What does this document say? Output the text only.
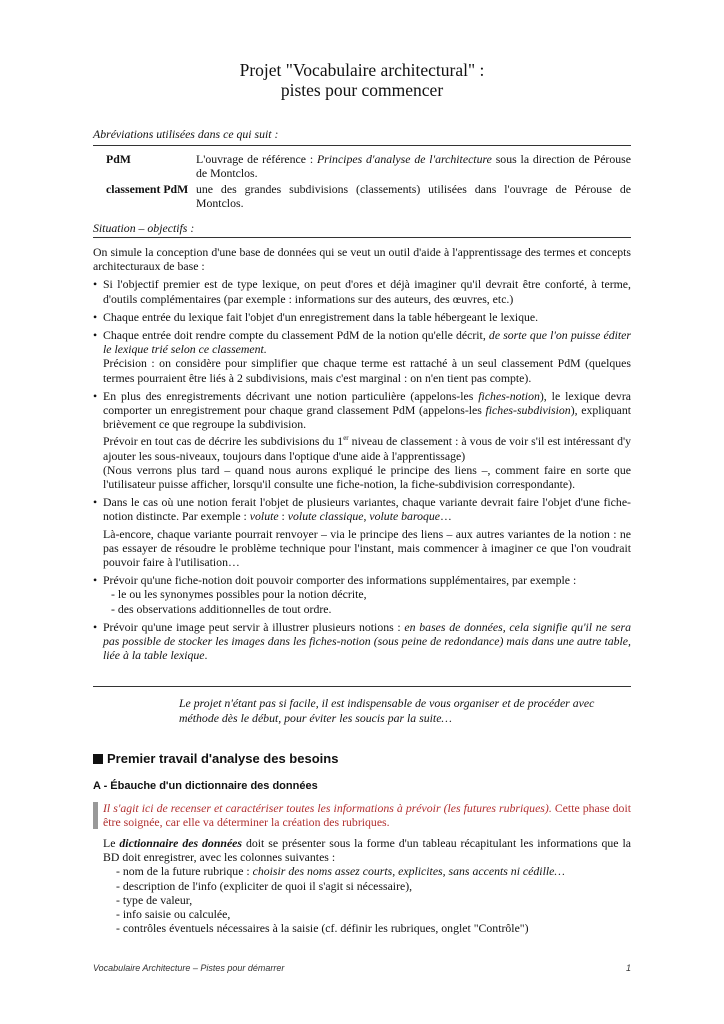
Projet "Vocabulaire architectural" :
pistes pour commencer
Abréviations utilisées dans ce qui suit :
PdM	L'ouvrage de référence : Principes d'analyse de l'architecture sous la direction de Pérouse de Montclos.
classement PdM une des grandes subdivisions (classements) utilisées dans l'ouvrage de Pérouse de Montclos.
Situation – objectifs :
On simule la conception d'une base de données qui se veut un outil d'aide à l'apprentissage des termes et concepts architecturaux de base :
• Si l'objectif premier est de type lexique, on peut d'ores et déjà imaginer qu'il devrait être conforté, à terme, d'outils complémentaires (par exemple : informations sur des auteurs, des œuvres, etc.)
• Chaque entrée du lexique fait l'objet d'un enregistrement dans la table hébergeant le lexique.
• Chaque entrée doit rendre compte du classement PdM de la notion qu'elle décrit, de sorte que l'on puisse éditer le lexique trié selon ce classement.
Précision : on considère pour simplifier que chaque terme est rattaché à un seul classement PdM (quelques termes pourraient être liés à 2 subdivisions, mais c'est marginal : on n'en tient pas compte).
• En plus des enregistrements décrivant une notion particulière (appelons-les fiches-notion), le lexique devra comporter un enregistrement pour chaque grand classement PdM (appelons-les fiches-subdivision), expliquant brièvement ce que regroupe la subdivision.
Prévoir en tout cas de décrire les subdivisions du 1er niveau de classement : à vous de voir s'il est intéressant d'y ajouter les sous-niveaux, toujours dans l'optique d'une aide à l'apprentissage)
(Nous verrons plus tard – quand nous aurons expliqué le principe des liens –, comment faire en sorte que l'utilisateur puisse afficher, lorsqu'il consulte une fiche-notion, la fiche-subdivision correspondante).
• Dans le cas où une notion ferait l'objet de plusieurs variantes, chaque variante devrait faire l'objet d'une fiche-notion distincte. Par exemple : volute : volute classique, volute baroque…
Là-encore, chaque variante pourrait renvoyer – via le principe des liens – aux autres variantes de la notion : ne pas essayer de résoudre le problème technique pour l'instant, mais commencer à imaginer ce que l'on voudrait pouvoir faire à l'utilisation…
• Prévoir qu'une fiche-notion doit pouvoir comporter des informations supplémentaires, par exemple :
- le ou les synonymes possibles pour la notion décrite,
- des observations additionnelles de tout ordre.
• Prévoir qu'une image peut servir à illustrer plusieurs notions : en bases de données, cela signifie qu'il ne sera pas possible de stocker les images dans les fiches-notion (sous peine de redondance) mais dans une autre table, liée à la table lexique.
Le projet n'étant pas si facile, il est indispensable de vous organiser et de procéder avec méthode dès le début, pour éviter les soucis par la suite…
Premier travail d'analyse des besoins
A - Ébauche d'un dictionnaire des données
Il s'agit ici de recenser et caractériser toutes les informations à prévoir (les futures rubriques). Cette phase doit être soignée, car elle va déterminer la création des rubriques.
Le dictionnaire des données doit se présenter sous la forme d'un tableau récapitulant les informations que la BD doit enregistrer, avec les colonnes suivantes :
- nom de la future rubrique : choisir des noms assez courts, explicites, sans accents ni cédille…
- description de l'info (expliciter de quoi il s'agit si nécessaire),
- type de valeur,
- info saisie ou calculée,
- contrôles éventuels nécessaires à la saisie (cf. définir les rubriques, onglet "Contrôle")
Vocabulaire Architecture – Pistes pour démarrer	1
